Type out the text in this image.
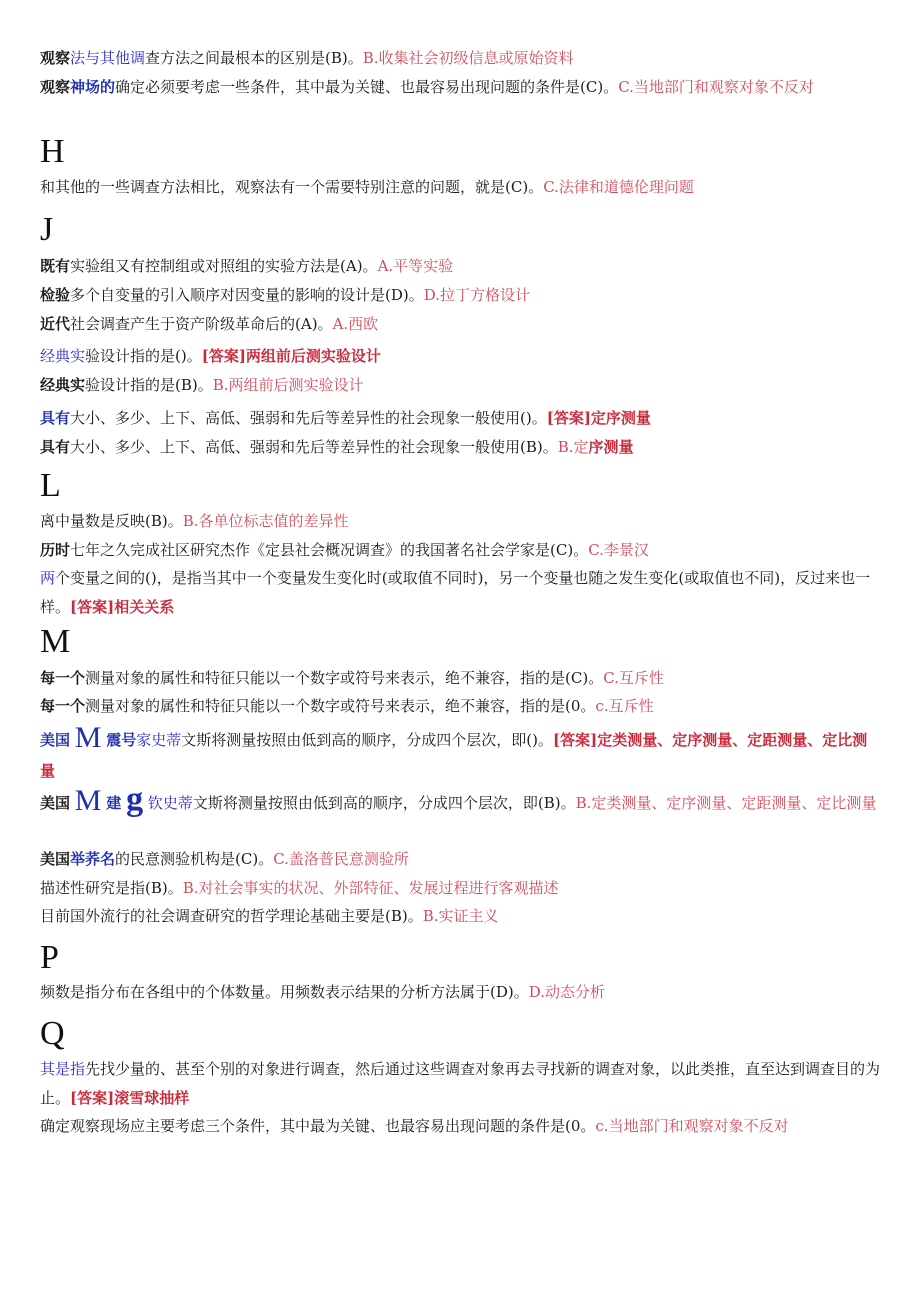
观察法与其他调查方法之间最根本的区别是(B)。B.收集社会初级信息或原始资料
观察神场的确定必须要考虑一些条件，其中最为关键、也最容易出现问题的条件是(C)。C.当地部门和观察对象不反对
H
和其他的一些调查方法相比，观察法有一个需要特别注意的问题，就是(C)。C.法律和道德伦理问题
J
既有实验组又有控制组或对照组的实验方法是(A)。A.平等实验
检验多个自变量的引入顺序对因变量的影响的设计是(D)。D.拉丁方格设计
近代社会调查产生于资产阶级革命后的(A)。A.西欧
经典实验设计指的是()。[答案]两组前后测实验设计
经典实验设计指的是(B)。B.两组前后测实验设计
具有大小、多少、上下、高低、强弱和先后等差异性的社会现象一般使用()。[答案]定序测量
具有大小、多少、上下、高低、强弱和先后等差异性的社会现象一般使用(B)。B.定序测量
L
离中量数是反映(B)。B.各单位标志值的差异性
历时七年之久完成社区研究杰作《定县社会概况调查》的我国著名社会学家是(C)。C.李景汉
两个变量之间的()，是指当其中一个变量发生变化时(或取值不同时)，另一个变量也随之发生变化(或取值也不同)，反过来也一样。[答案]相关关系
M
每一个测量对象的属性和特征只能以一个数字或符号来表示，绝不兼容，指的是(C)。C.互斥性
每一个测量对象的属性和特征只能以一个数字或符号来表示，绝不兼容，指的是(0。c.互斥性
美国 M 震号家史蒂文斯将测量按照由低到高的顺序，分成四个层次，即()。[答案]定类测量、定序测量、定距测量、定比测量
美国 M 建 g 钦史蒂文斯将测量按照由低到高的顺序，分成四个层次，即(B)。B.定类测量、定序测量、定距测量、定比测量
美国举荞名的民意测验机构是(C)。C.盖洛普民意测验所
描述性研究是指(B)。B.对社会事实的状况、外部特征、发展过程进行客观描述
目前国外流行的社会调查研究的哲学理论基础主要是(B)。B.实证主义
P
频数是指分布在各组中的个体数量。用频数表示结果的分析方法属于(D)。D.动态分析
Q
其是指先找少量的、甚至个别的对象进行调查，然后通过这些调查对象再去寻找新的调查对象，以此类推，直至达到调查目的为止。[答案]滚雪球抽样
确定观察现场应主要考虑三个条件，其中最为关键、也最容易出现问题的条件是(0。c.当地部门和观察对象不反对
